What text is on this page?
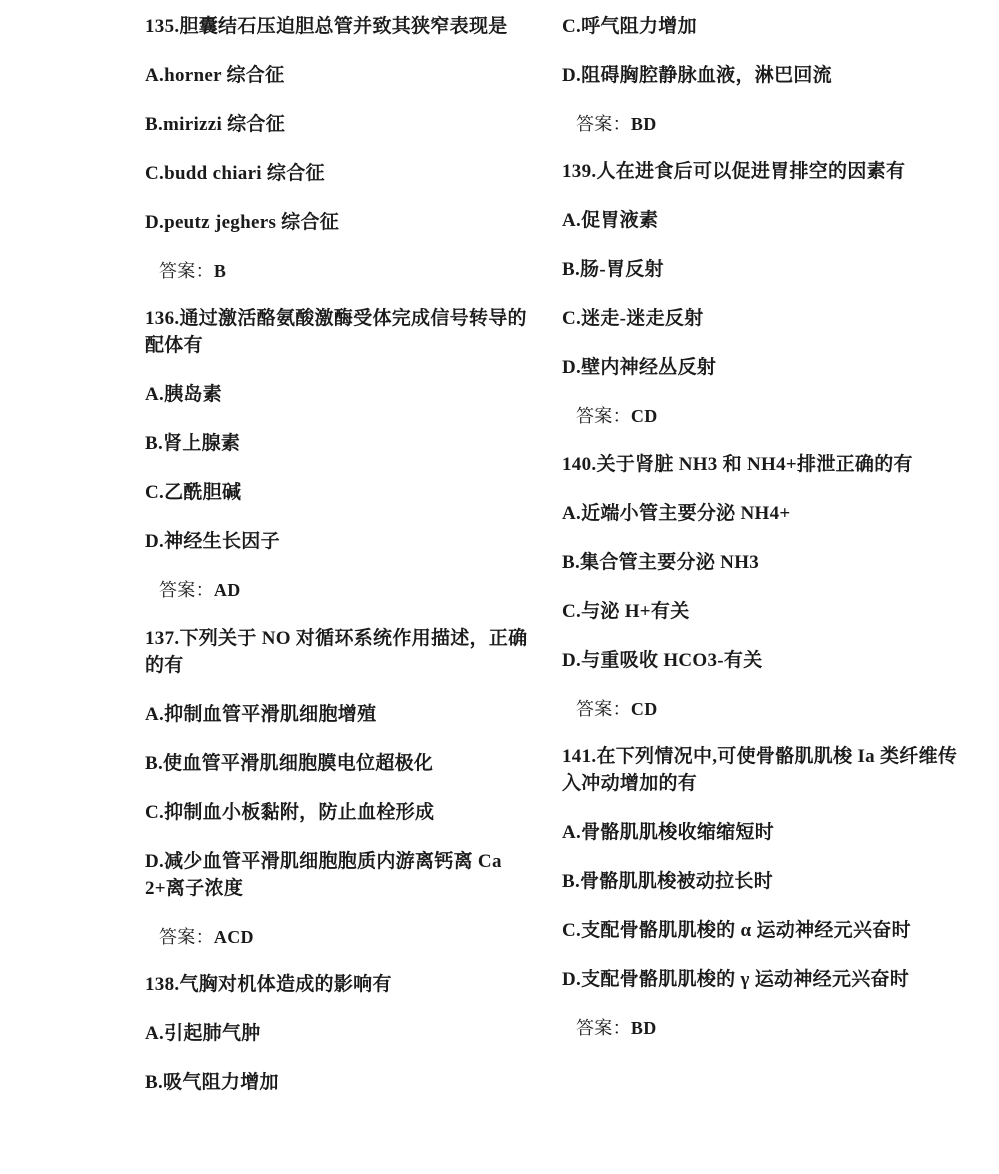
135.胆囊结石压迫胆总管并致其狭窄表现是
A.horner 综合征
B.mirizzi 综合征
C.budd chiari 综合征
D.peutz jeghers 综合征
答案：B
136.通过激活酪氨酸激酶受体完成信号转导的配体有
A.胰岛素
B.肾上腺素
C.乙酰胆碱
D.神经生长因子
答案：AD
137.下列关于 NO 对循环系统作用描述，正确的有
A.抑制血管平滑肌细胞增殖
B.使血管平滑肌细胞膜电位超极化
C.抑制血小板黏附，防止血栓形成
D.减少血管平滑肌细胞胞质内游离钙离 Ca 2+离子浓度
答案：ACD
138.气胸对机体造成的影响有
A.引起肺气肿
B.吸气阻力增加
C.呼气阻力增加
D.阻碍胸腔静脉血液，淋巴回流
答案：BD
139.人在进食后可以促进胃排空的因素有
A.促胃液素
B.肠-胃反射
C.迷走-迷走反射
D.壁内神经丛反射
答案：CD
140.关于肾脏 NH3 和 NH4+排泄正确的有
A.近端小管主要分泌 NH4+
B.集合管主要分泌 NH3
C.与泌 H+有关
D.与重吸收 HCO3-有关
答案：CD
141.在下列情况中,可使骨骼肌肌梭 Ia 类纤维传入冲动增加的有
A.骨骼肌肌梭收缩缩短时
B.骨骼肌肌梭被动拉长时
C.支配骨骼肌肌梭的 α 运动神经元兴奋时
D.支配骨骼肌肌梭的 γ 运动神经元兴奋时
答案：BD
